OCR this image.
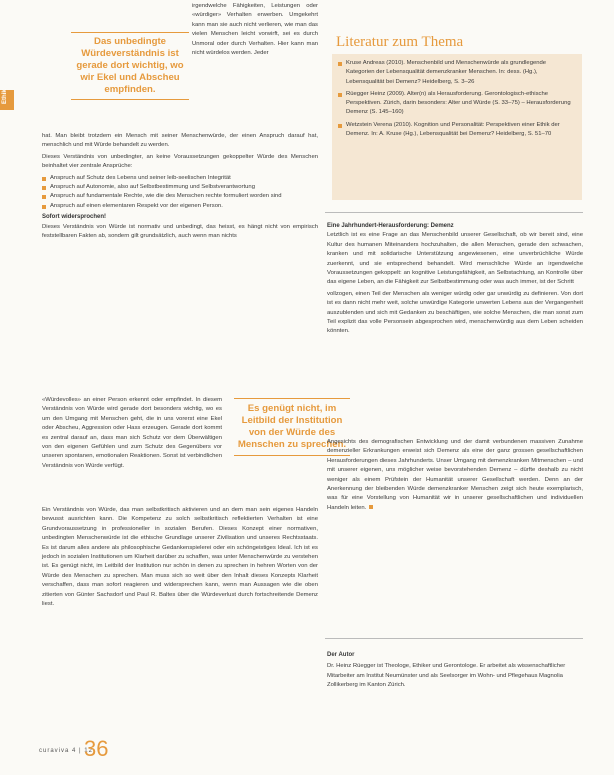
Ethik
Das unbedingte Würdeverständnis ist gerade dort wichtig, wo wir Ekel und Abscheu empfinden.

irgendwelche Fähigkeiten, Leistungen oder «würdiger» Verhalten erwerben. Umgekehrt kann man sie auch nicht verlieren, wie man das vielen Menschen leicht vorwirft, sei es durch Unmoral oder durch Verhalten. Hier kann man nicht würdelos werden. Jeder

hat. Man bleibt trotzdem ein Mensch mit seiner Menschenwürde, der einen Anspruch darauf hat, menschlich und mit Würde behandelt zu werden.

Dieses Verständnis von unbedingter, an keine Voraussetzungen gekoppelter Würde des Menschen beinhaltet vier zentrale Ansprüche:

Anspruch auf Schutz des Lebens und seiner leib-seelischen Integrität
Anspruch auf Autonomie, also auf Selbstbestimmung und Selbstverantwortung
Anspruch auf fundamentale Rechte, wie die des Menschen rechte formuliert worden sind
Anspruch auf einen elementaren Respekt vor der eigenen Person.
Sofort widersprochen!

Dieses Verständnis von Würde ist normativ und unbedingt, das heisst, es hängt nicht von empirisch feststellbaren Fakten ab, sondern gilt grundsätzlich, auch wenn man nichts

«Würdevolles» an einer Person erkennt oder empfindet. In diesem Verständnis von Würde wird gerade dort besonders wichtig, wo es um den Umgang mit Menschen geht, die in uns vorerst eine Ekel oder Abscheu, Aggression oder Hass erzeugen. Gerade dort kommt es zentral darauf an, dass man sich Schutz vor dem Überwältigen von den eigenen Gefühlen und zum Schutz des Gegenübers vor unseren spontanen, emotionalen Reaktionen. Sonst ist verbindlichen Verständnis von Würde verfügt.

Es genügt nicht, im Leitbild der Institution von der Würde des Menschen zu sprechen.

Ein Verständnis von Würde, das man selbstkritisch aktivieren und an dem man sein eigenes Handeln bewusst ausrichten kann. Die Kompetenz zu solch selbstkritisch reflektierten Verhalten ist eine Grundvoraussetzung in professioneller in sozialen Berufen. Dieses Konzept einer normativen, unbedingten Menschenwürde ist die ethische Grundlage unserer Zivilisation und unseres Rechtsstaats. Es ist darum alles andere als philosophische Gedankenspielerei oder ein schöngeistiges Ideal. Ich ist es jedoch in sozialen Institutionen um Klarheit darüber zu schaffen, was unter Menschenwürde zu verstehen ist. Es genügt nicht, im Leitbild der Institution nur schön in denen zu sprechen in hehren Worten von der Würde des Menschen zu sprechen. Man muss sich so weit über den Inhalt dieses Konzepts Klarheit verschaffen, dass man sofort reagieren und widersprechen kann, wenn man Aussagen wie die oben zitierten von Günter Sachsdorf und Paul R. Baltes über die Würdeverlust durch fortschreitende Demenz liest.

Literatur zum Thema
Kruse Andreas (2010). Menschenbild und Menschenwürde als grundlegende Kategorien der Lebensqualität demenzkranker Menschen. In: dess. (Hg.), Lebensqualität bei Demenz? Heidelberg, S. 3–26
Rüegger Heinz (2009). Alter(n) als Herausforderung. Gerontologisch-ethische Perspektiven. Zürich, darin besonders: Alter und Würde (S. 33–75) – Herausforderung Demenz (S. 145–160)
Wetzstein Verena (2010). Kognition und Personalität: Perspektiven einer Ethik der Demenz. In: A. Kruse (Hg.), Lebensqualität bei Demenz? Heidelberg, S. 51–70
Eine Jahrhundert-Herausforderung: Demenz

Letztlich ist es eine Frage an das Menschenbild unserer Gesellschaft, ob wir bereit sind, eine Kultur des humanen Miteinanders hochzuhalten, die allen Menschen, gerade den schwachen, kranken und mit solidarische Unterstützung angewiesenen, eine unverbrüchliche Würde zuerkennt, und sie entsprechend behandelt. Wird menschliche Würde an irgendwelche Voraussetzungen gekoppelt: an kognitive Leistungsfähigkeit, an Selbstachtung, an Kontrolle über das eigene Leben, an die Fähigkeit zur Selbstbestimmung oder was auch immer, ist der Schritt

vollzogen, einen Teil der Menschen als weniger würdig oder gar unwürdig zu definieren. Von dort ist es dann nicht mehr weit, solche unwürdige Kategorie unwerten Lebens aus der Vergangenheit auszublenden und sich mit Gedanken zu beschäftigen, wie solche Menschen, die man sonst zum Teil explizit das volle Personsein abgesprochen wird, menschenwürdig aus dem Leben scheiden könnten.

Angesichts des demografischen Entwicklung und der damit verbundenen massiven Zunahme demenzieller Erkrankungen erweist sich Demenz als eine der ganz grossen gesellschaftlichen Herausforderungen dieses Jahrhunderts. Unser Umgang mit demenzkranken Mitmenschen – und mit unserer eigenen, uns möglicher weise bevorstehenden Demenz – dürfte deshalb zu nicht weniger als einem Prüfstein der Humanität unserer Gesellschaft werden. Denn an der Anerkennung der bleibenden Würde demenzkranker Menschen zeigt sich heute exemplarisch, was für eine Vorstellung von Humanität wir in unserer gesellschaftlichen und individuellen Handeln leiten.

Der Autor
Dr. Heinz Rüegger ist Theologe, Ethiker und Gerontologe. Er arbeitet als wissenschaftlicher Mitarbeiter am Institut Neumünster und als Seelsorger im Wohn- und Pflegehaus Magnolia Zollikerberg im Kanton Zürich.
curaviva 4 | 12
36
